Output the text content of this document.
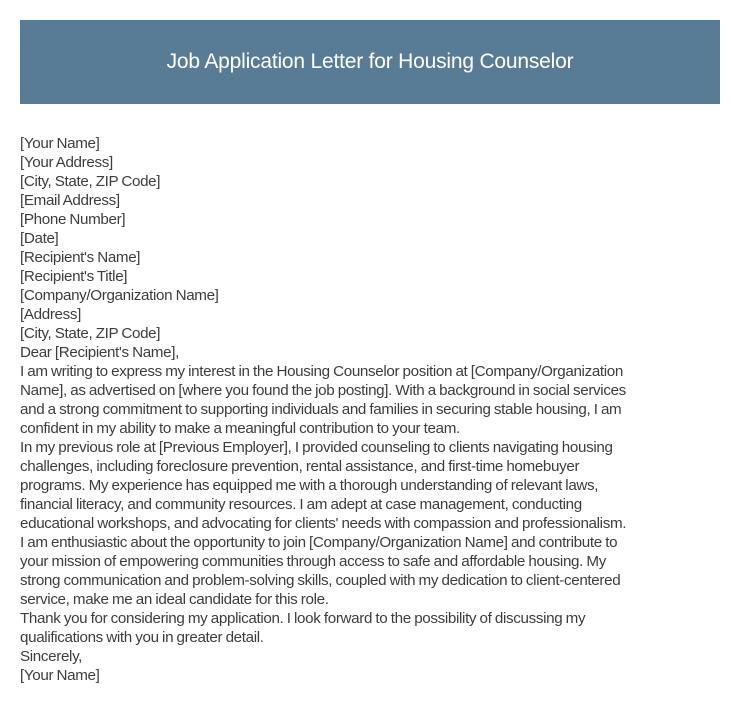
Job Application Letter for Housing Counselor
[Your Name]
[Your Address]
[City, State, ZIP Code]
[Email Address]
[Phone Number]
[Date]
[Recipient's Name]
[Recipient's Title]
[Company/Organization Name]
[Address]
[City, State, ZIP Code]
Dear [Recipient's Name],
I am writing to express my interest in the Housing Counselor position at [Company/Organization
Name], as advertised on [where you found the job posting]. With a background in social services
and a strong commitment to supporting individuals and families in securing stable housing, I am
confident in my ability to make a meaningful contribution to your team.
In my previous role at [Previous Employer], I provided counseling to clients navigating housing
challenges, including foreclosure prevention, rental assistance, and first-time homebuyer
programs. My experience has equipped me with a thorough understanding of relevant laws,
financial literacy, and community resources. I am adept at case management, conducting
educational workshops, and advocating for clients' needs with compassion and professionalism.
I am enthusiastic about the opportunity to join [Company/Organization Name] and contribute to
your mission of empowering communities through access to safe and affordable housing. My
strong communication and problem-solving skills, coupled with my dedication to client-centered
service, make me an ideal candidate for this role.
Thank you for considering my application. I look forward to the possibility of discussing my
qualifications with you in greater detail.
Sincerely,
[Your Name]
